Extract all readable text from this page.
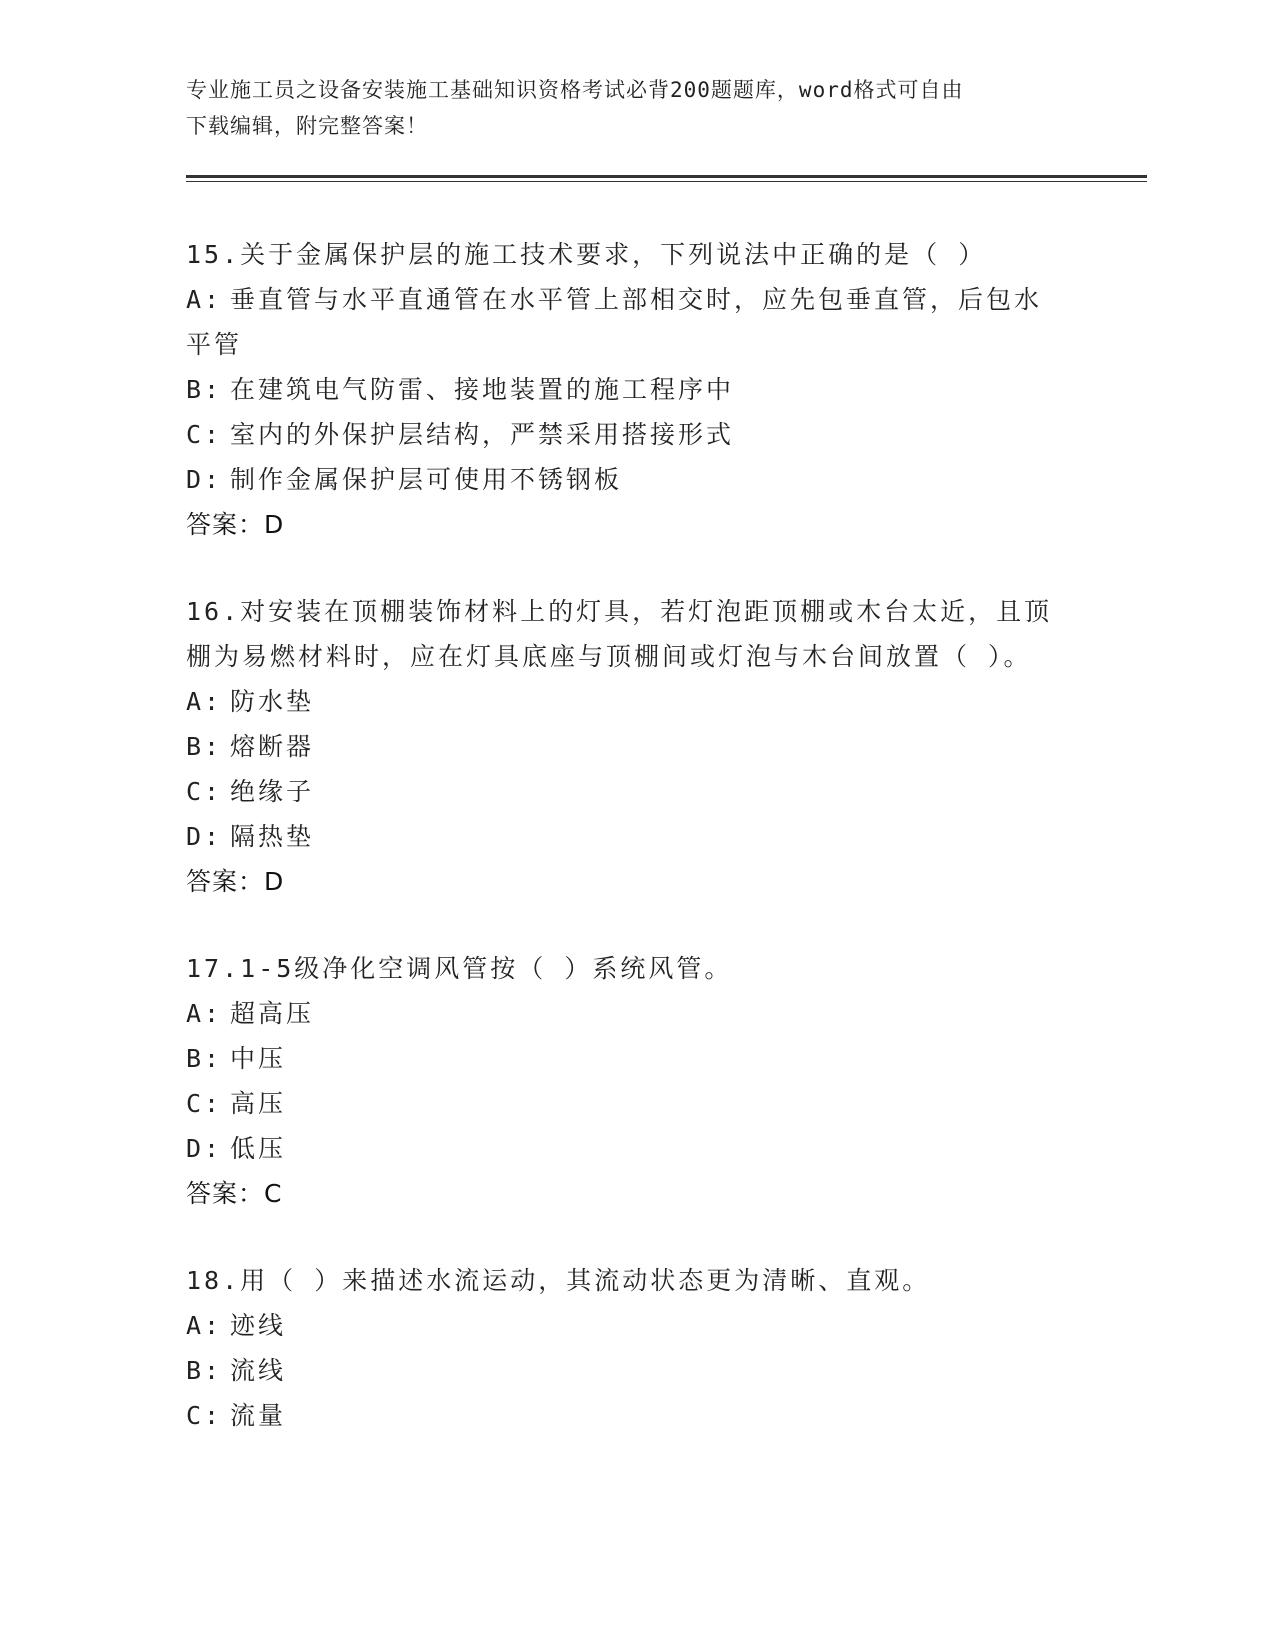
专业施工员之设备安装施工基础知识资格考试必背200题题库，word格式可自由
下载编辑，附完整答案！
15.关于金属保护层的施工技术要求，下列说法中正确的是（ ）
A: 垂直管与水平直通管在水平管上部相交时，应先包垂直管，后包水
平管
B: 在建筑电气防雷、接地装置的施工程序中
C: 室内的外保护层结构，严禁采用搭接形式
D: 制作金属保护层可使用不锈钢板
答案：D
16.对安装在顶棚装饰材料上的灯具，若灯泡距顶棚或木台太近，且顶
棚为易燃材料时，应在灯具底座与顶棚间或灯泡与木台间放置（ ）。
A: 防水垫
B: 熔断器
C: 绝缘子
D: 隔热垫
答案：D
17.1-5级净化空调风管按（ ）系统风管。
A: 超高压
B: 中压
C: 高压
D: 低压
答案：C
18.用（ ）来描述水流运动，其流动状态更为清晰、直观。
A: 迹线
B: 流线
C: 流量
